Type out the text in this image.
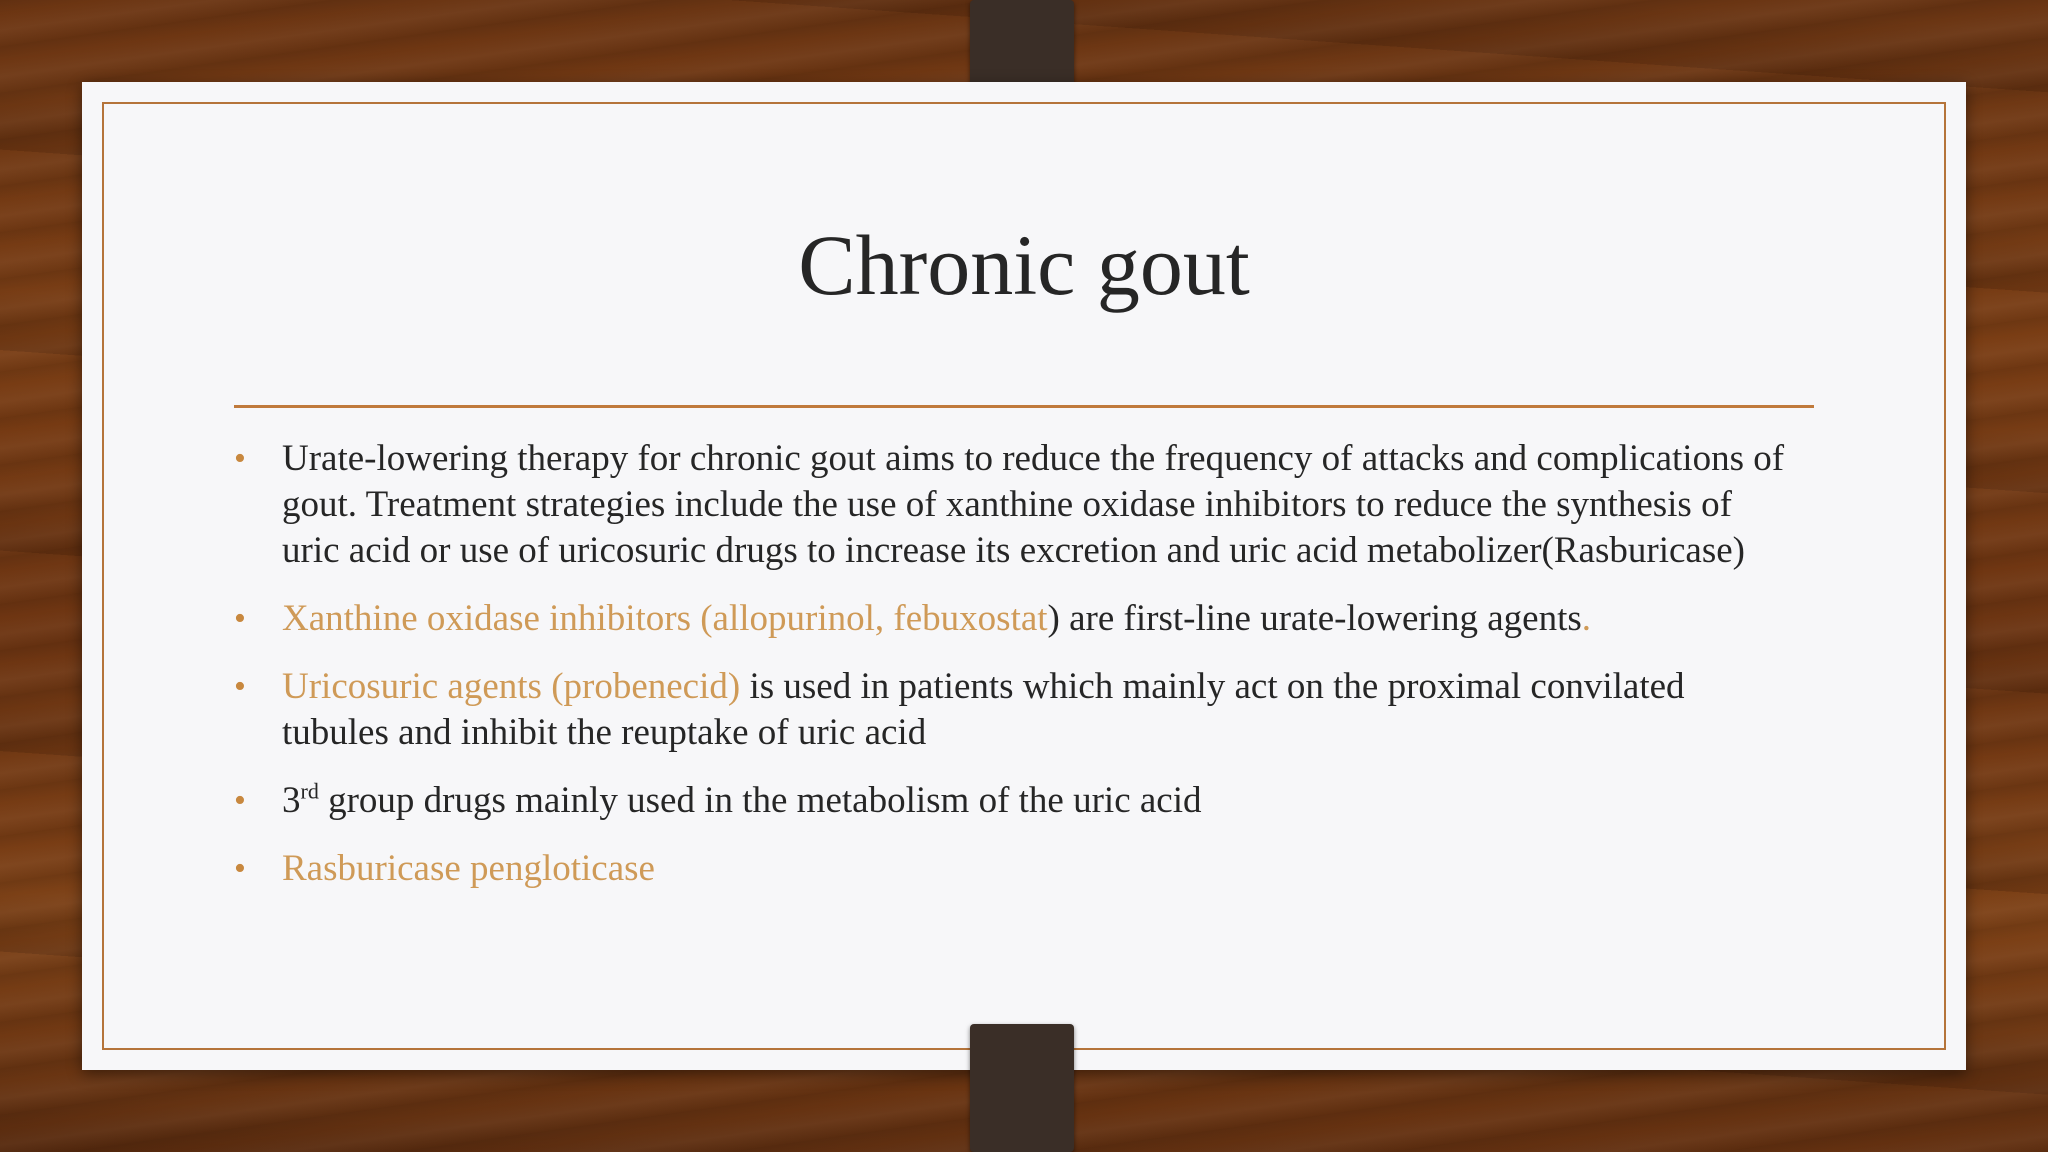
Chronic gout
• Urate-lowering therapy for chronic gout aims to reduce the frequency of attacks and complications of gout. Treatment strategies include the use of xanthine oxidase inhibitors to reduce the synthesis of uric acid or use of uricosuric drugs to increase its excretion and uric acid metabolizer(Rasburicase)
• Xanthine oxidase inhibitors (allopurinol, febuxostat) are first-line urate-lowering agents.
• Uricosuric agents (probenecid) is used in patients which mainly act on the proximal convilated tubules and inhibit the reuptake of uric acid
• 3rd group drugs mainly used in the metabolism of the uric acid
• Rasburicase pengloticase
